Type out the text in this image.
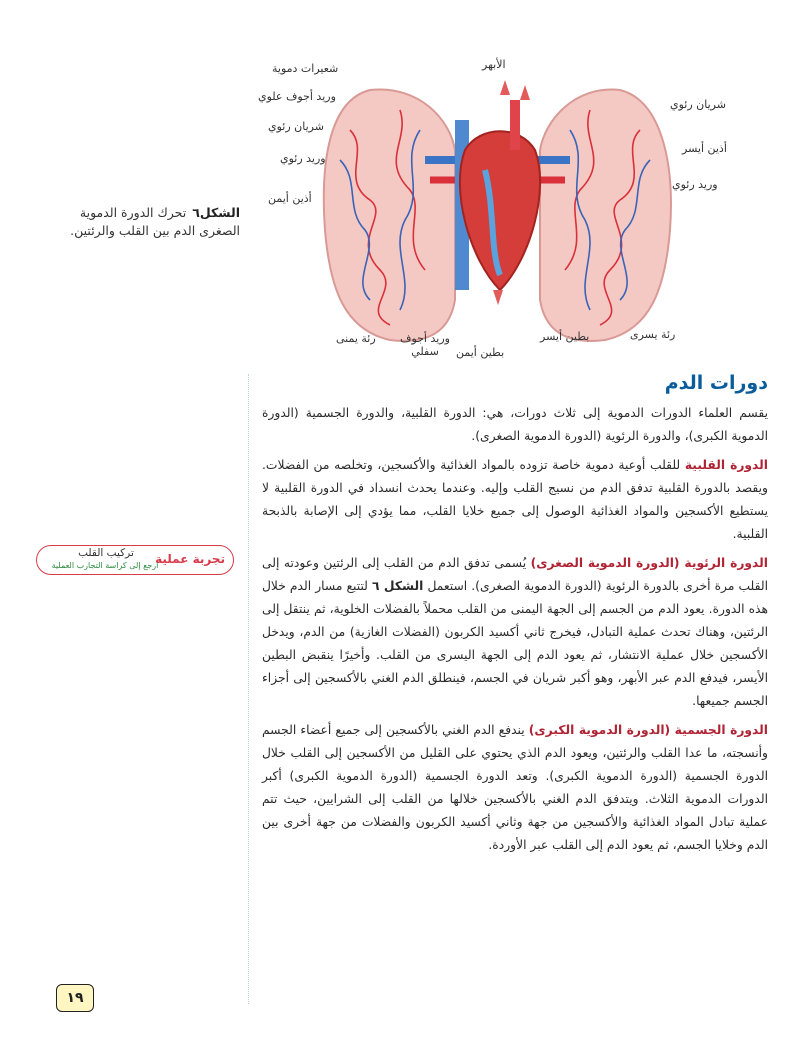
شعيرات دموية
وريد أجوف علوي
شريان رئوي
وريد رئوي
أذين أيمن
الأبهر
شريان رئوي
أذين أيسر
وريد رئوي
رئة يسرى
بطين أيسر
بطين أيمن
وريد أجوف سفلي
رئة يمنى
الشكل٦تحرك الدورة الدموية الصغرى الدم بين القلب والرئتين.
دورات الدم

يقسم العلماء الدورات الدموية إلى ثلاث دورات، هي: الدورة القلبية، والدورة الجسمية (الدورة الدموية الكبرى)، والدورة الرئوية (الدورة الدموية الصغرى).

الدورة القلبية للقلب أوعية دموية خاصة تزوده بالمواد الغذائية والأكسجين، وتخلصه من الفضلات. ويقصد بالدورة القلبية تدفق الدم من نسيج القلب وإليه. وعندما يحدث انسداد في الدورة القلبية لا يستطيع الأكسجين والمواد الغذائية الوصول إلى جميع خلايا القلب، مما يؤدي إلى الإصابة بالذبحة القلبية.

الدورة الرئوية (الدورة الدموية الصغرى) يُسمى تدفق الدم من القلب إلى الرئتين وعودته إلى القلب مرة أخرى بالدورة الرئوية (الدورة الدموية الصغرى). استعمل الشكل ٦ لتتبع مسار الدم خلال هذه الدورة. يعود الدم من الجسم إلى الجهة اليمنى من القلب محملاً بالفضلات الخلوية، ثم ينتقل إلى الرئتين، وهناك تحدث عملية التبادل، فيخرج ثاني أكسيد الكربون (الفضلات الغازية) من الدم، ويدخل الأكسجين خلال عملية الانتشار، ثم يعود الدم إلى الجهة اليسرى من القلب. وأخيرًا ينقبض البطين الأيسر، فيدفع الدم عبر الأبهر، وهو أكبر شريان في الجسم، فينطلق الدم الغني بالأكسجين إلى أجزاء الجسم جميعها.

الدورة الجسمية (الدورة الدموية الكبرى) يندفع الدم الغني بالأكسجين إلى جميع أعضاء الجسم وأنسجته، ما عدا القلب والرئتين، ويعود الدم الذي يحتوي على القليل من الأكسجين إلى القلب خلال الدورة الجسمية (الدورة الدموية الكبرى). وتعد الدورة الجسمية (الدورة الدموية الكبرى) أكبر الدورات الدموية الثلاث. ويتدفق الدم الغني بالأكسجين خلالها من القلب إلى الشرايين، حيث تتم عملية تبادل المواد الغذائية والأكسجين من جهة وثاني أكسيد الكربون والفضلات من جهة أخرى بين الدم وخلايا الجسم، ثم يعود الدم إلى القلب عبر الأوردة.

تجربة عملية
تركيب القلب
ارجع إلى كراسة التجارب العملية
١٩
